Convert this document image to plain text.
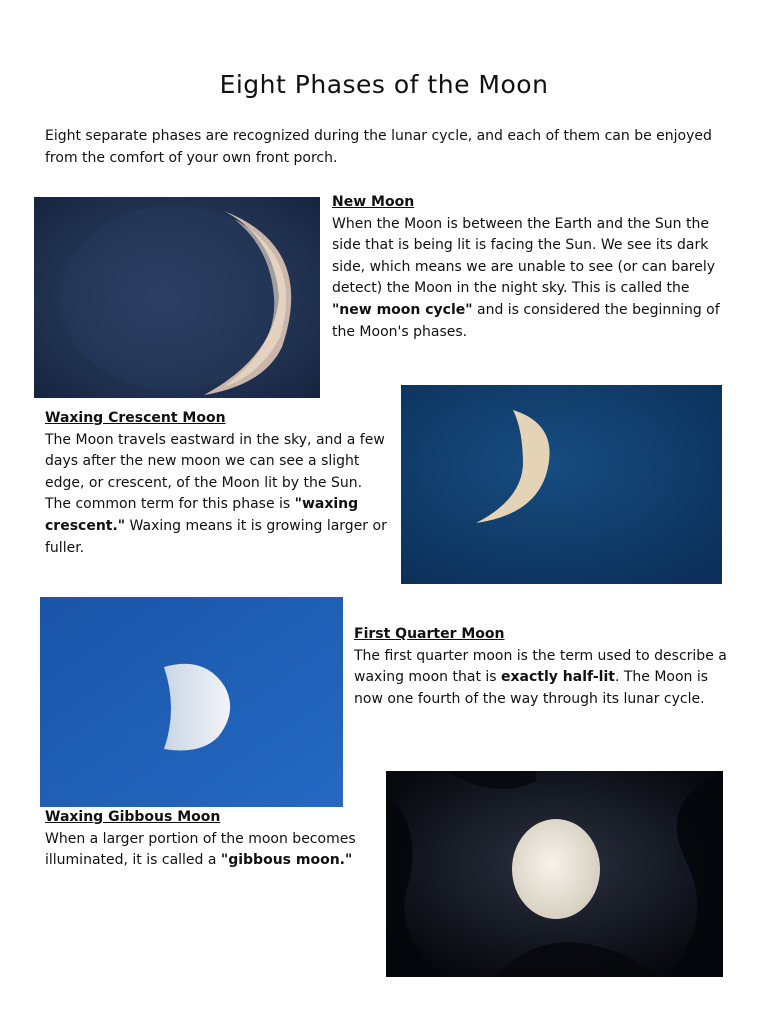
Eight Phases of the Moon

Eight separate phases are recognized during the lunar cycle, and each of them can be enjoyed from the comfort of your own front porch.

New Moon
When the Moon is between the Earth and the Sun the side that is being lit is facing the Sun. We see its dark side, which means we are unable to see (or can barely detect) the Moon in the night sky. This is called the "new moon cycle" and is considered the beginning of the Moon's phases.

Waxing Crescent Moon
The Moon travels eastward in the sky, and a few days after the new moon we can see a slight edge, or crescent, of the Moon lit by the Sun. The common term for this phase is "waxing crescent." Waxing means it is growing larger or fuller.

First Quarter Moon
The first quarter moon is the term used to describe a waxing moon that is exactly half-lit. The Moon is now one fourth of the way through its lunar cycle.

Waxing Gibbous Moon
When a larger portion of the moon becomes illuminated, it is called a "gibbous moon."
